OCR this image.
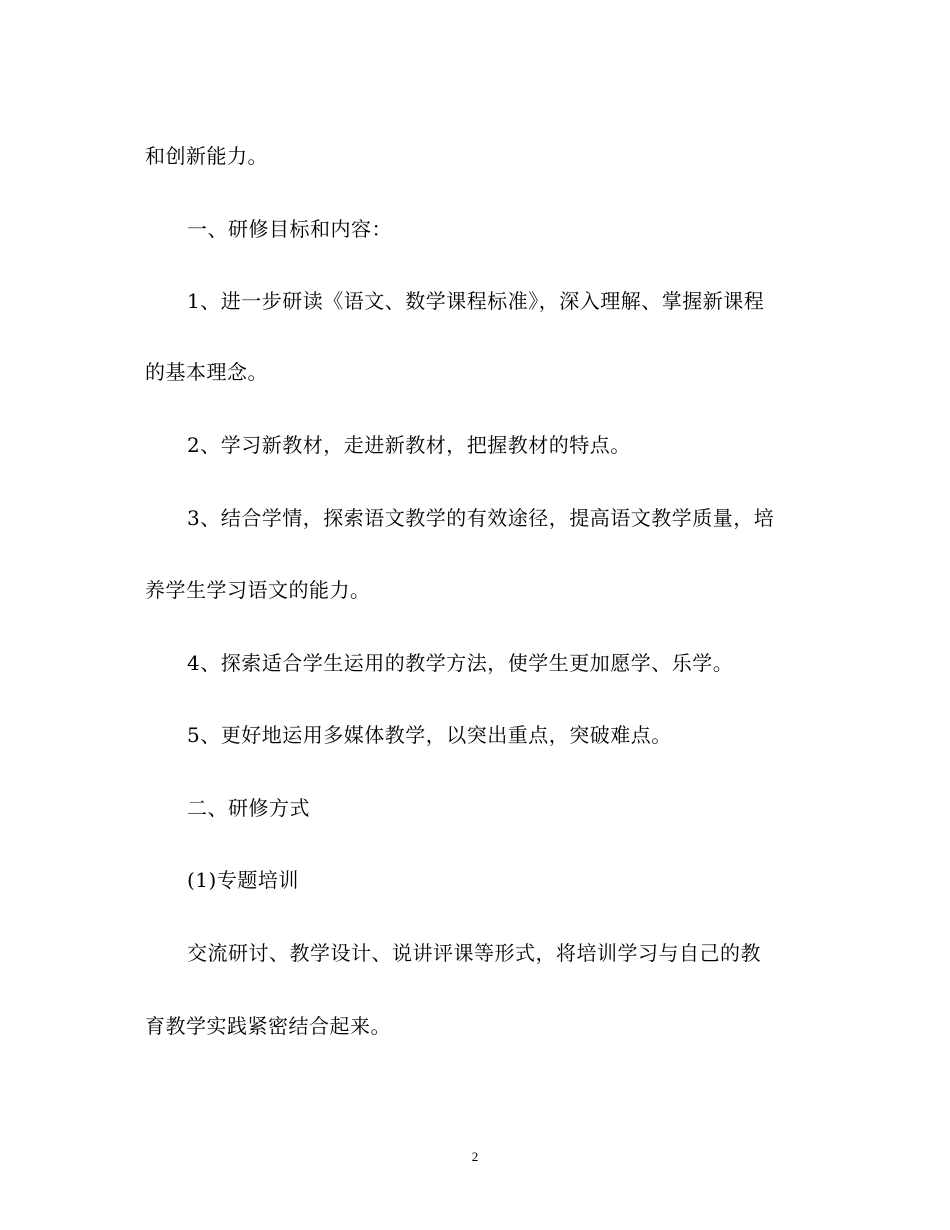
和创新能力。
一、研修目标和内容：
1、进一步研读《语文、数学课程标准》，深入理解、掌握新课程
的基本理念。
2、学习新教材，走进新教材，把握教材的特点。
3、结合学情，探索语文教学的有效途径，提高语文教学质量，培
养学生学习语文的能力。
4、探索适合学生运用的教学方法，使学生更加愿学、乐学。
5、更好地运用多媒体教学，以突出重点，突破难点。
二、研修方式
(1)专题培训
交流研讨、教学设计、说讲评课等形式，将培训学习与自己的教
育教学实践紧密结合起来。
2
